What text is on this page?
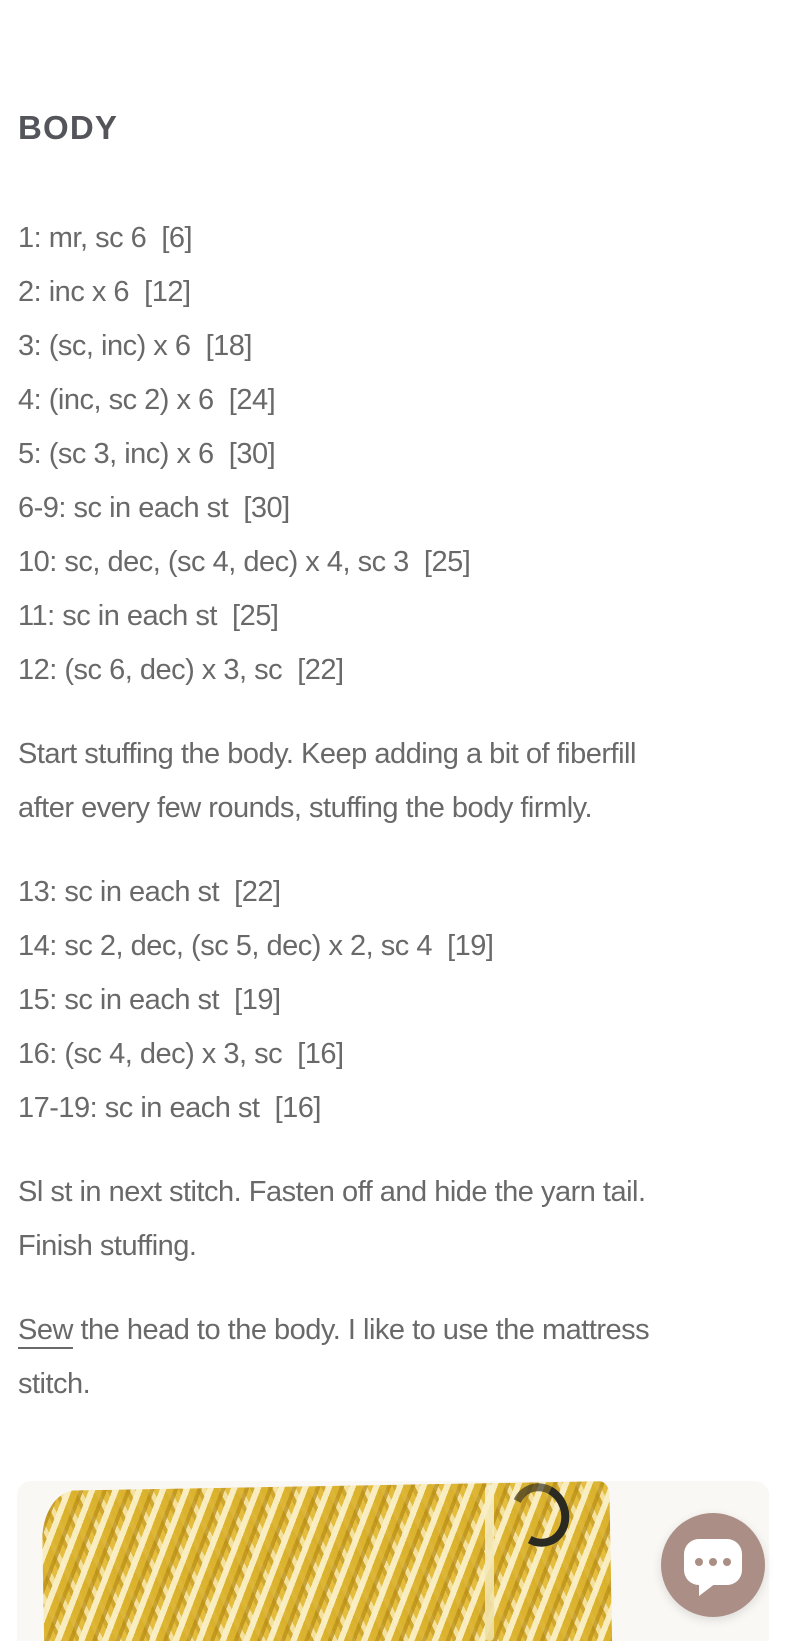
BODY

1: mr, sc 6  [6]

2: inc x 6  [12]

3: (sc, inc) x 6  [18]

4: (inc, sc 2) x 6  [24]

5: (sc 3, inc) x 6  [30]

6-9: sc in each st  [30]

10: sc, dec, (sc 4, dec) x 4, sc 3  [25]

11: sc in each st  [25]

12: (sc 6, dec) x 3, sc  [22]

Start stuffing the body. Keep adding a bit of fiberfill
after every few rounds, stuffing the body firmly.

13: sc in each st  [22]

14: sc 2, dec, (sc 5, dec) x 2, sc 4  [19]

15: sc in each st  [19]

16: (sc 4, dec) x 3, sc  [16]

17-19: sc in each st  [16]

Sl st in next stitch. Fasten off and hide the yarn tail.
Finish stuffing.

Sew the head to the body. I like to use the mattress
stitch.
